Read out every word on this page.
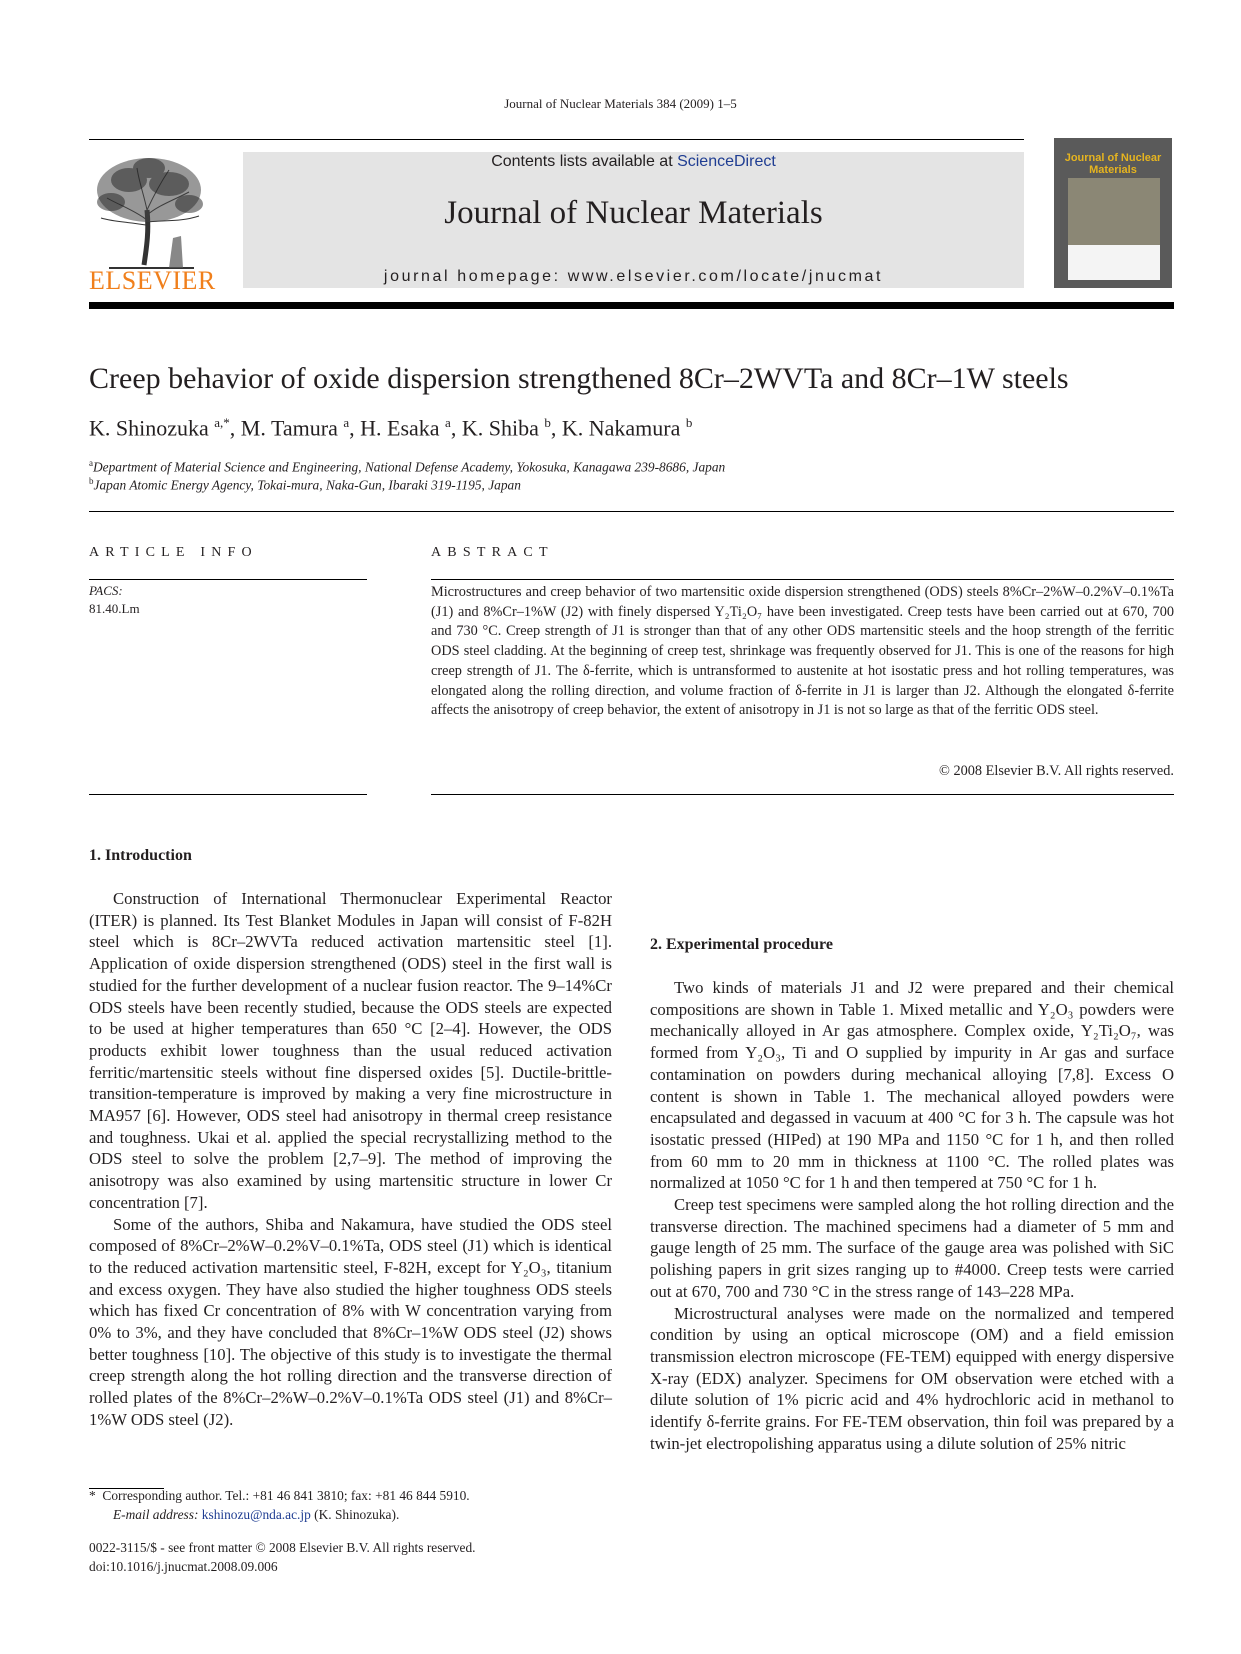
Journal of Nuclear Materials 384 (2009) 1–5
ELSEVIER
Contents lists available at ScienceDirect
Journal of Nuclear Materials
journal homepage: www.elsevier.com/locate/jnucmat
Journal of Nuclear Materials
Creep behavior of oxide dispersion strengthened 8Cr–2WVTa and 8Cr–1W steels
K. Shinozuka $^{a,*}$, M. Tamura $^a$, H. Esaka $^a$, K. Shiba $^b$, K. Nakamura $^b$
$^a$Department of Material Science and Engineering, National Defense Academy, Yokosuka, Kanagawa 239-8686, Japan
$^b$Japan Atomic Energy Agency, Tokai-mura, Naka-Gun, Ibaraki 319-1195, Japan
ARTICLE INFO	ABSTRACT
PACS:
81.40.Lm
Microstructures and creep behavior of two martensitic oxide dispersion strengthened (ODS) steels 8%Cr–2%W–0.2%V–0.1%Ta (J1) and 8%Cr–1%W (J2) with finely dispersed Y₂Ti₂O₇ have been investigated. Creep tests have been carried out at 670, 700 and 730 °C. Creep strength of J1 is stronger than that of any other ODS martensitic steels and the hoop strength of the ferritic ODS steel cladding. At the beginning of creep test, shrinkage was frequently observed for J1. This is one of the reasons for high creep strength of J1. The δ-ferrite, which is untransformed to austenite at hot isostatic press and hot rolling temperatures, was elongated along the rolling direction, and volume fraction of δ-ferrite in J1 is larger than J2. Although the elongated δ-ferrite affects the anisotropy of creep behavior, the extent of anisotropy in J1 is not so large as that of the ferritic ODS steel.
© 2008 Elsevier B.V. All rights reserved.
1. Introduction

Construction of International Thermonuclear Experimental Reactor (ITER) is planned. Its Test Blanket Modules in Japan will consist of F-82H steel which is 8Cr–2WVTa reduced activation martensitic steel [1]. Application of oxide dispersion strengthened (ODS) steel in the first wall is studied for the further development of a nuclear fusion reactor. The 9–14%Cr ODS steels have been recently studied, because the ODS steels are expected to be used at higher temperatures than 650 °C [2–4]. However, the ODS products exhibit lower toughness than the usual reduced activation ferritic/martensitic steels without fine dispersed oxides [5]. Ductile-brittle-transition-temperature is improved by making a very fine microstructure in MA957 [6]. However, ODS steel had anisotropy in thermal creep resistance and toughness. Ukai et al. applied the special recrystallizing method to the ODS steel to solve the problem [2,7–9]. The method of improving the anisotropy was also examined by using martensitic structure in lower Cr concentration [7].

Some of the authors, Shiba and Nakamura, have studied the ODS steel composed of 8%Cr–2%W–0.2%V–0.1%Ta, ODS steel (J1) which is identical to the reduced activation martensitic steel, F-82H, except for Y₂O₃, titanium and excess oxygen. They have also studied the higher toughness ODS steels which has fixed Cr concentration of 8% with W concentration varying from 0% to 3%, and they have concluded that 8%Cr–1%W ODS steel (J2) shows better toughness [10]. The objective of this study is to investigate the thermal creep strength along the hot rolling direction and the transverse direction of rolled plates of the 8%Cr–2%W–0.2%V–0.1%Ta ODS steel (J1) and 8%Cr–1%W ODS steel (J2).

2. Experimental procedure

Two kinds of materials J1 and J2 were prepared and their chemical compositions are shown in Table 1. Mixed metallic and Y₂O₃ powders were mechanically alloyed in Ar gas atmosphere. Complex oxide, Y₂Ti₂O₇, was formed from Y₂O₃, Ti and O supplied by impurity in Ar gas and surface contamination on powders during mechanical alloying [7,8]. Excess O content is shown in Table 1. The mechanical alloyed powders were encapsulated and degassed in vacuum at 400 °C for 3 h. The capsule was hot isostatic pressed (HIPed) at 190 MPa and 1150 °C for 1 h, and then rolled from 60 mm to 20 mm in thickness at 1100 °C. The rolled plates was normalized at 1050 °C for 1 h and then tempered at 750 °C for 1 h.

Creep test specimens were sampled along the hot rolling direction and the transverse direction. The machined specimens had a diameter of 5 mm and gauge length of 25 mm. The surface of the gauge area was polished with SiC polishing papers in grit sizes ranging up to #4000. Creep tests were carried out at 670, 700 and 730 °C in the stress range of 143–228 MPa.

Microstructural analyses were made on the normalized and tempered condition by using an optical microscope (OM) and a field emission transmission electron microscope (FE-TEM) equipped with energy dispersive X-ray (EDX) analyzer. Specimens for OM observation were etched with a dilute solution of 1% picric acid and 4% hydrochloric acid in methanol to identify δ-ferrite grains. For FE-TEM observation, thin foil was prepared by a twin-jet electropolishing apparatus using a dilute solution of 25% nitric

* Corresponding author. Tel.: +81 46 841 3810; fax: +81 46 844 5910.
E-mail address: kshinozu@nda.ac.jp (K. Shinozuka).
0022-3115/$ - see front matter © 2008 Elsevier B.V. All rights reserved.
doi:10.1016/j.jnucmat.2008.09.006
